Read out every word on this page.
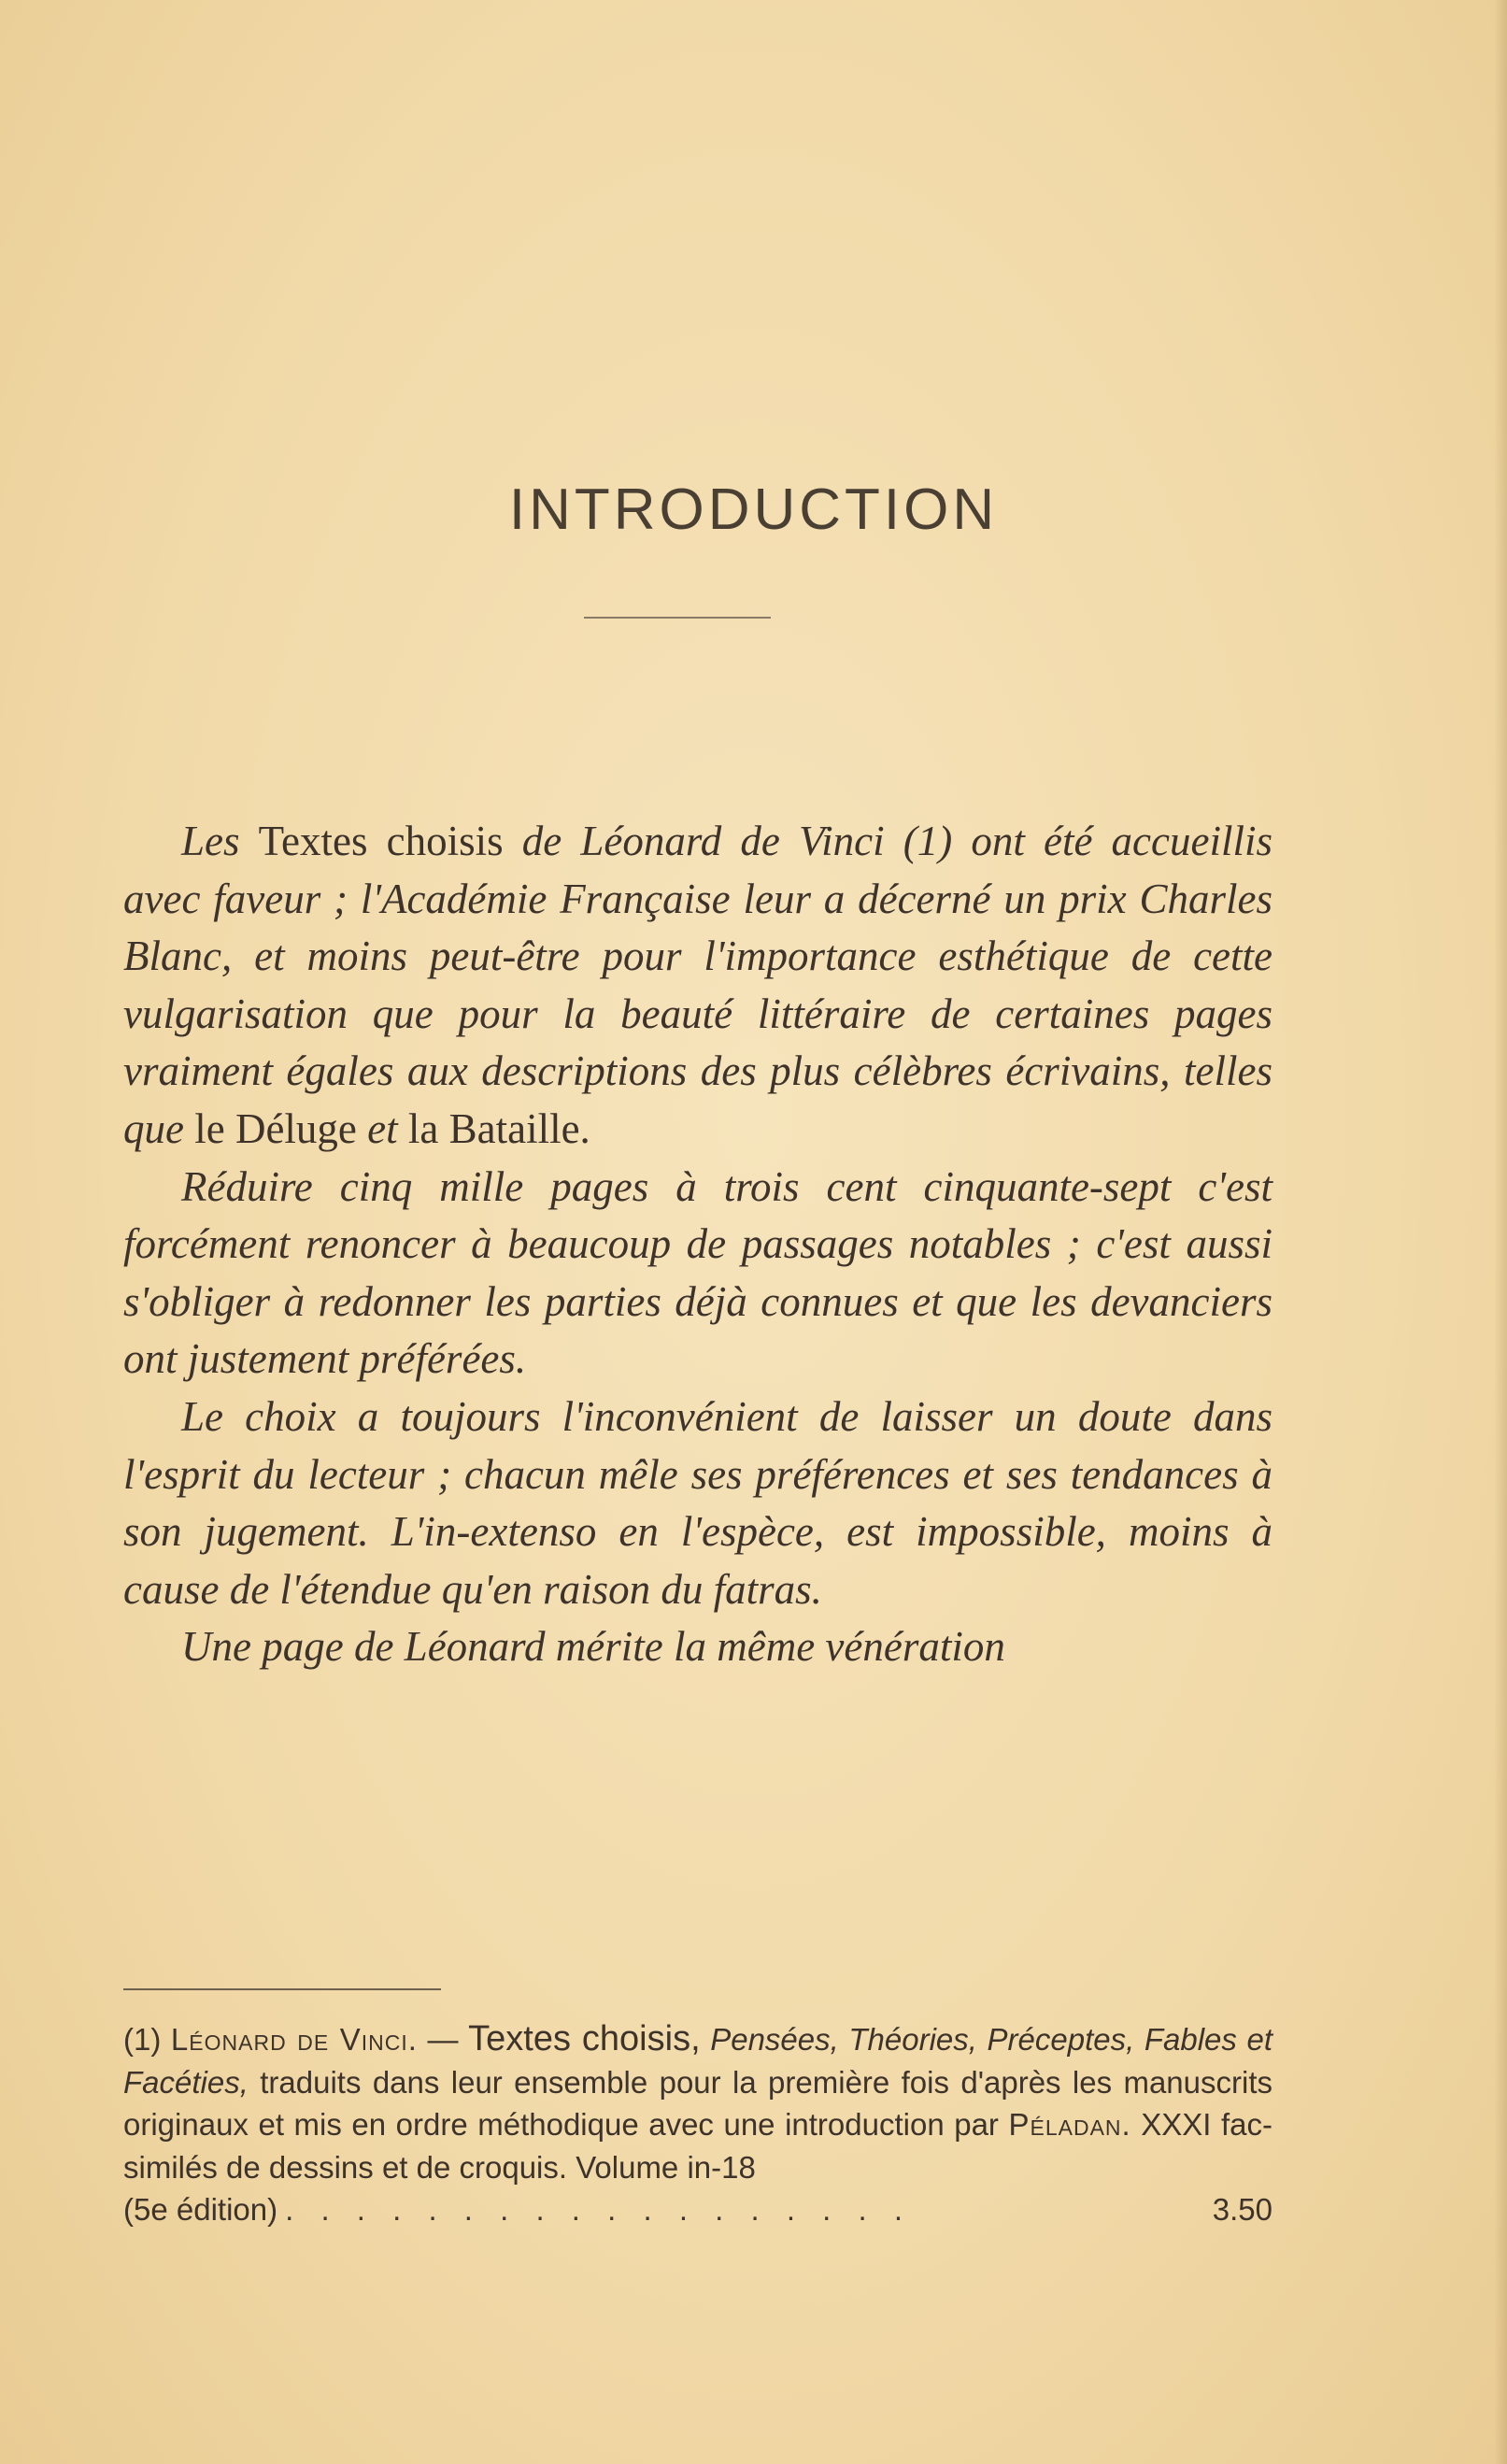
INTRODUCTION

Les Textes choisis de Léonard de Vinci (1) ont été accueillis avec faveur ; l'Académie Française leur a décerné un prix Charles Blanc, et moins peut-être pour l'importance esthétique de cette vulgarisation que pour la beauté littéraire de certaines pages vraiment égales aux descriptions des plus célèbres écrivains, telles que le Déluge et la Bataille.

Réduire cinq mille pages à trois cent cinquante-sept c'est forcément renoncer à beaucoup de passages notables ; c'est aussi s'obliger à redonner les parties déjà connues et que les devanciers ont justement préférées.

Le choix a toujours l'inconvénient de laisser un doute dans l'esprit du lecteur ; chacun mêle ses préférences et ses tendances à son jugement. L'in-extenso en l'espèce, est impossible, moins à cause de l'étendue qu'en raison du fatras.

Une page de Léonard mérite la même vénération

(1) Léonard de Vinci. — Textes choisis, Pensées, Théories, Préceptes, Fables et Facéties, traduits dans leur ensemble pour la première fois d'après les manuscrits originaux et mis en ordre méthodique avec une introduction par Péladan. XXXI fac-similés de dessins et de croquis. Volume in-18
(5e édition) . . . . . . . . . . . . . . . . . .	3.50
